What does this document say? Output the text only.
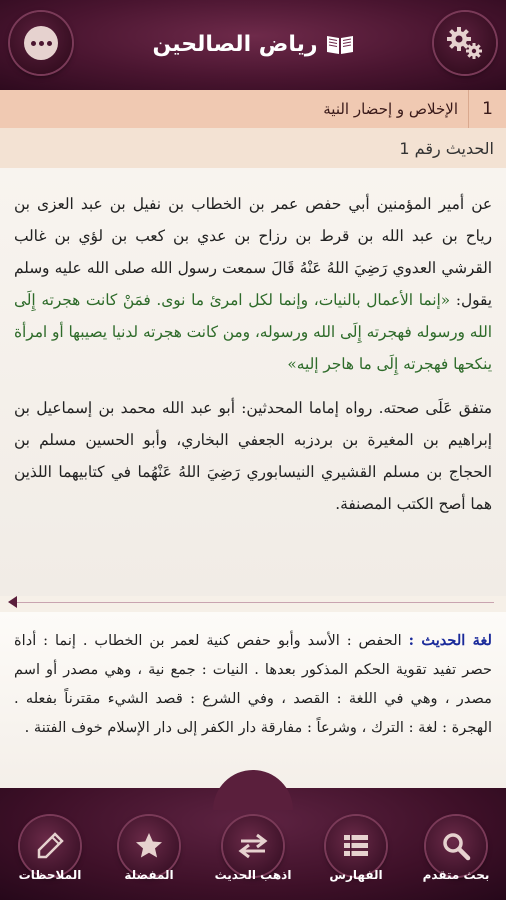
رياض الصالحين
1
الإخلاص و إحضار النية
الحديث رقم 1

عن أمير المؤمنين أبي حفص عمر بن الخطاب بن نفيل بن عبد العزى بن رياح بن عبد الله بن قرط بن رزاح بن عدي بن كعب بن لؤي بن غالب القرشي العدوي رَضِيَ اللهُ عَنْهُ قَالَ سمعت رسول الله صلى الله عليه وسلم يقول: «إنما الأعمال بالنيات، وإنما لكل امرئ ما نوى. فمَنْ كانت هجرته إِلَى الله ورسوله فهجرته إِلَى الله ورسوله، ومن كانت هجرته لدنيا يصيبها أو امرأة ينكحها فهجرته إِلَى ما هاجر إليه»

متفق عَلَى صحته. رواه إماما المحدثين: أبو عبد الله محمد بن إسماعيل بن إبراهيم بن المغيرة بن بردزبه الجعفي البخاري، وأبو الحسين مسلم بن الحجاج بن مسلم القشيري النيسابوري رَضِيَ اللهُ عَنْهُما في كتابيهما اللذين هما أصح الكتب المصنفة.

لغة الحديث : الحفص : الأسد وأبو حفص كنية لعمر بن الخطاب . إنما : أداة حصر تفيد تقوية الحكم المذكور بعدها . النيات : جمع نية ، وهي مصدر أو اسم مصدر ، وهي في اللغة : القصد ، وفي الشرع : قصد الشيء مقترناً بفعله . الهجرة : لغة : الترك ، وشرعاً : مفارقة دار الكفر إلى دار الإسلام خوف الفتنة .
الملاحظات	المفضلة	اذهب الحديث	الفهارس	بحث متقدم
